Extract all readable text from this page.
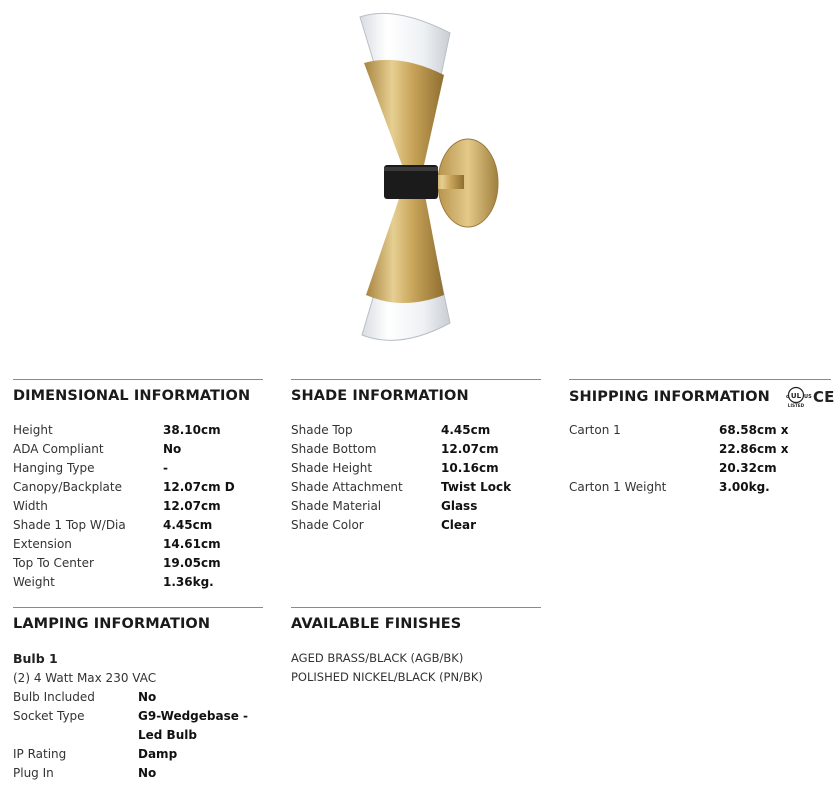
DIMENSIONAL INFORMATION
Height	38.10cm
ADA Compliant	No
Hanging Type	-
Canopy/Backplate	12.07cm D
Width	12.07cm
Shade 1 Top W/Dia	4.45cm
Extension	14.61cm
Top To Center	19.05cm
Weight	1.36kg.
SHADE INFORMATION
Shade Top	4.45cm
Shade Bottom	12.07cm
Shade Height	10.16cm
Shade Attachment	Twist Lock
Shade Material	Glass
Shade Color	Clear
SHIPPING INFORMATION	UL
c	US
LISTED CE
Carton 1	68.58cm x 22.86cm x 20.32cm
Carton 1 Weight	3.00kg.
LAMPING INFORMATION
Bulb 1
(2) 4 Watt Max 230 VAC
Bulb Included	No
Socket Type	G9-Wedgebase - Led Bulb
IP Rating	Damp
Plug In	No
AVAILABLE FINISHES
AGED BRASS/BLACK (AGB/BK)
POLISHED NICKEL/BLACK (PN/BK)
